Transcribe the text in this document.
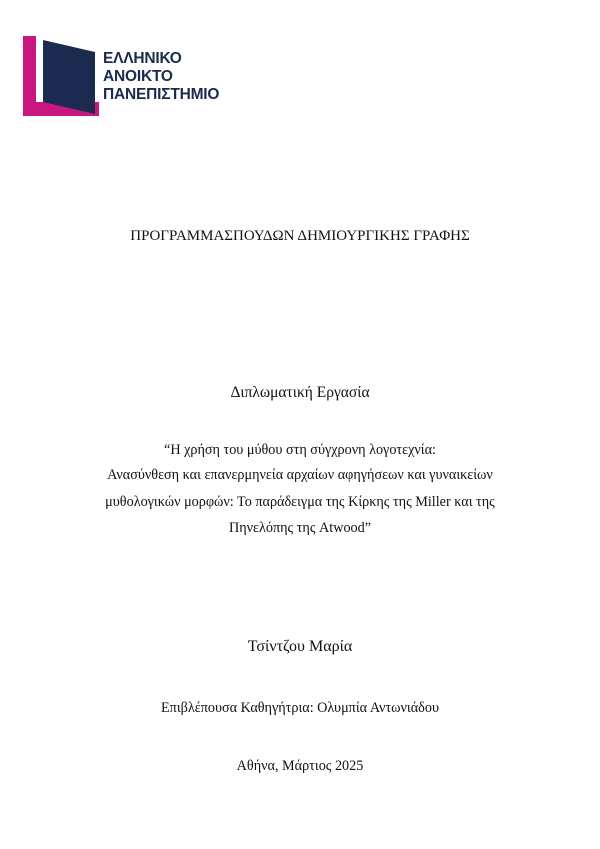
ΕΛΛΗΝΙΚΟ
ΑΝΟΙΚΤΟ
ΠΑΝΕΠΙΣΤΗΜΙΟ
ΠΡΟΓΡΑΜΜΑΣΠΟΥΔΩΝ ΔΗΜΙΟΥΡΓΙΚΗΣ ΓΡΑΦΗΣ
Διπλωματική Εργασία
“Η χρήση του μύθου στη σύγχρονη λογοτεχνία:
Ανασύνθεση και επανερμηνεία αρχαίων αφηγήσεων και γυναικείων
μυθολογικών μορφών: Το παράδειγμα της Κίρκης της Miller και της
Πηνελόπης της Atwood”
Τσίντζου Μαρία
Επιβλέπουσα Καθηγήτρια: Ολυμπία Αντωνιάδου
Αθήνα, Μάρτιος 2025
